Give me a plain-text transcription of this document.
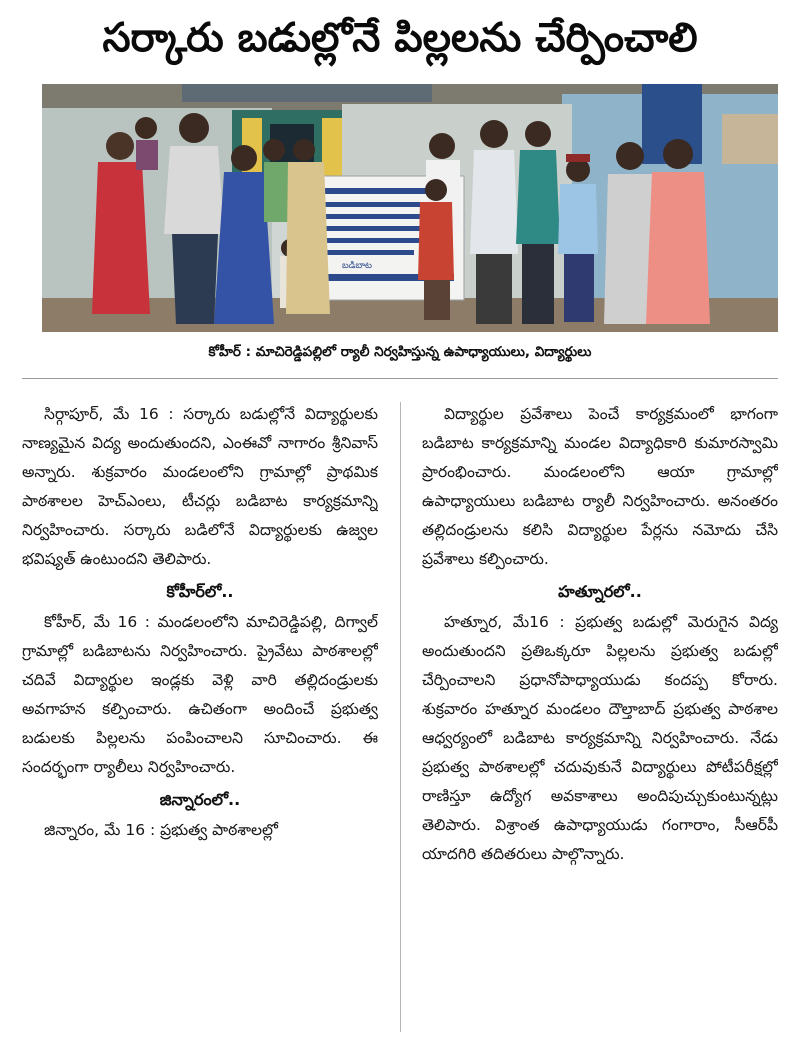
సర్కారు బడుల్లోనే పిల్లలను చేర్పించాలి
బడిబాట
కోహీర్ : మాచిరెడ్డిపల్లిలో ర్యాలీ నిర్వహిస్తున్న ఉపాధ్యాయులు, విద్యార్థులు

సిర్గాపూర్, మే 16 : సర్కారు బడుల్లోనే విద్యార్థులకు నాణ్యమైన విద్య అందుతుందని, ఎంఈవో నాగారం శ్రీనివాస్ అన్నారు. శుక్రవారం మండలంలోని గ్రామాల్లో ప్రాథమిక పాఠశాలల హెచ్ఎంలు, టీచర్లు బడిబాట కార్యక్రమాన్ని నిర్వహించారు. సర్కారు బడిలోనే విద్యార్థులకు ఉజ్వల భవిష్యత్ ఉంటుందని తెలిపారు.

కోహీర్‌లో..

కోహీర్, మే 16 : మండలంలోని మాచిరెడ్డిపల్లి, దిగ్వాల్ గ్రామాల్లో బడిబాటను నిర్వహించారు. ప్రైవేటు పాఠశాలల్లో చదివే విద్యార్థుల ఇండ్లకు వెళ్లి వారి తల్లిదండ్రులకు అవగాహన కల్పించారు. ఉచితంగా అందించే ప్రభుత్వ బడులకు పిల్లలను పంపించాలని సూచించారు. ఈ సందర్భంగా ర్యాలీలు నిర్వహించారు.

జిన్నారంలో..

జిన్నారం, మే 16 : ప్రభుత్వ పాఠశాలల్లో

విద్యార్థుల ప్రవేశాలు పెంచే కార్యక్రమంలో భాగంగా బడిబాట కార్యక్రమాన్ని మండల విద్యాధికారి కుమారస్వామి ప్రారంభించారు. మండలంలోని ఆయా గ్రామాల్లో ఉపాధ్యాయులు బడిబాట ర్యాలీ నిర్వహించారు. అనంతరం తల్లిదండ్రులను కలిసి విద్యార్థుల పేర్లను నమోదు చేసి ప్రవేశాలు కల్పించారు.

హత్నూరలో..

హత్నూర, మే16 : ప్రభుత్వ బడుల్లో మెరుగైన విద్య అందుతుందని ప్రతిఒక్కరూ పిల్లలను ప్రభుత్వ బడుల్లో చేర్పించాలని ప్రధానోపాధ్యాయుడు కందప్ప కోరారు. శుక్రవారం హత్నూర మండలం దౌల్తాబాద్ ప్రభుత్వ పాఠశాల ఆధ్వర్యంలో బడిబాట కార్యక్రమాన్ని నిర్వహించారు. నేడు ప్రభుత్వ పాఠశాలల్లో చదువుకునే విద్యార్థులు పోటీపరీక్షల్లో రాణిస్తూ ఉద్యోగ అవకాశాలు అందిపుచ్చుకుంటున్నట్లు తెలిపారు. విశ్రాంత ఉపాధ్యాయుడు గంగారాం, సీఆర్‌పీ యాదగిరి తదితరులు పాల్గొన్నారు.
